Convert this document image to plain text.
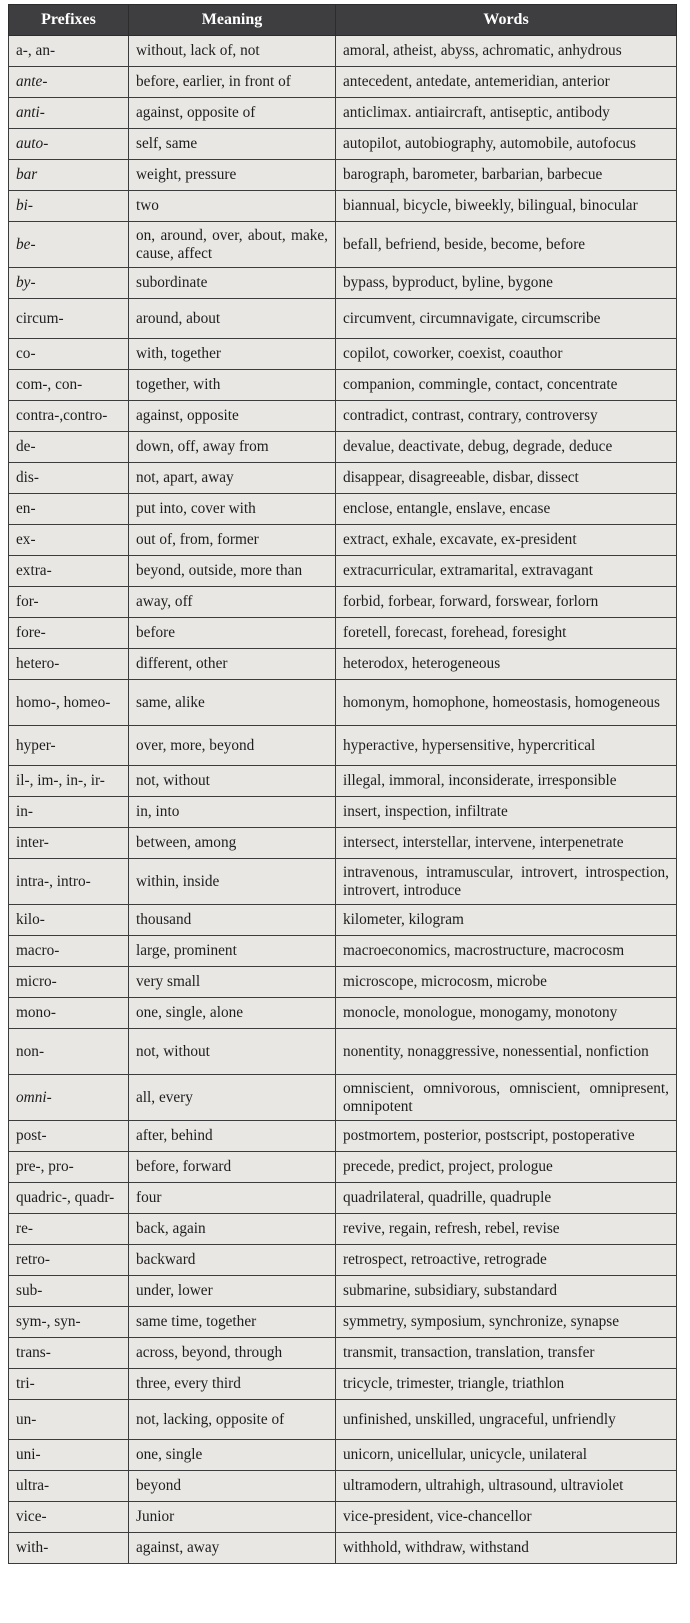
Prefixes	Meaning	Words
a-, an-	without, lack of, not	amoral, atheist, abyss, achromatic, anhydrous
ante-	before, earlier, in front of	antecedent, antedate, antemeridian, anterior
anti-	against, opposite of	anticlimax. antiaircraft, antiseptic, antibody
auto-	self, same	autopilot, autobiography, automobile, autofocus
bar	weight, pressure	barograph, barometer, barbarian, barbecue
bi-	two	biannual, bicycle, biweekly, bilingual, binocular
be-	on, around, over, about, make, cause, affect	befall, befriend, beside, become, before
by-	subordinate	bypass, byproduct, byline, bygone
circum-	around, about	circumvent, circumnavigate, circumscribe
co-	with, together	copilot, coworker, coexist, coauthor
com-, con-	together, with	companion, commingle, contact, concentrate
contra-,contro-	against, opposite	contradict, contrast, contrary, controversy
de-	down, off, away from	devalue, deactivate, debug, degrade, deduce
dis-	not, apart, away	disappear, disagreeable, disbar, dissect
en-	put into, cover with	enclose, entangle, enslave, encase
ex-	out of, from, former	extract, exhale, excavate, ex-president
extra-	beyond, outside, more than	extracurricular, extramarital, extravagant
for-	away, off	forbid, forbear, forward, forswear, forlorn
fore-	before	foretell, forecast, forehead, foresight
hetero-	different, other	heterodox, heterogeneous
homo-, homeo-	same, alike	homonym, homophone, homeostasis, homogeneous
hyper-	over, more, beyond	hyperactive, hypersensitive, hypercritical
il-, im-, in-, ir-	not, without	illegal, immoral, inconsiderate, irresponsible
in-	in, into	insert, inspection, infiltrate
inter-	between, among	intersect, interstellar, intervene, interpenetrate
intra-, intro-	within, inside	intravenous, intramuscular, introvert, introspection, introvert, introduce
kilo-	thousand	kilometer, kilogram
macro-	large, prominent	macroeconomics, macrostructure, macrocosm
micro-	very small	microscope, microcosm, microbe
mono-	one, single, alone	monocle, monologue, monogamy, monotony
non-	not, without	nonentity, nonaggressive, nonessential, nonfiction
omni-	all, every	omniscient, omnivorous, omniscient, omnipresent, omnipotent
post-	after, behind	postmortem, posterior, postscript, postoperative
pre-, pro-	before, forward	precede, predict, project, prologue
quadric-, quadr-	four	quadrilateral, quadrille, quadruple
re-	back, again	revive, regain, refresh, rebel, revise
retro-	backward	retrospect, retroactive, retrograde
sub-	under, lower	submarine, subsidiary, substandard
sym-, syn-	same time, together	symmetry, symposium, synchronize, synapse
trans-	across, beyond, through	transmit, transaction, translation, transfer
tri-	three, every third	tricycle, trimester, triangle, triathlon
un-	not, lacking, opposite of	unfinished, unskilled, ungraceful, unfriendly
uni-	one, single	unicorn, unicellular, unicycle, unilateral
ultra-	beyond	ultramodern, ultrahigh, ultrasound, ultraviolet
vice-	Junior	vice-president, vice-chancellor
with-	against, away	withhold, withdraw, withstand
